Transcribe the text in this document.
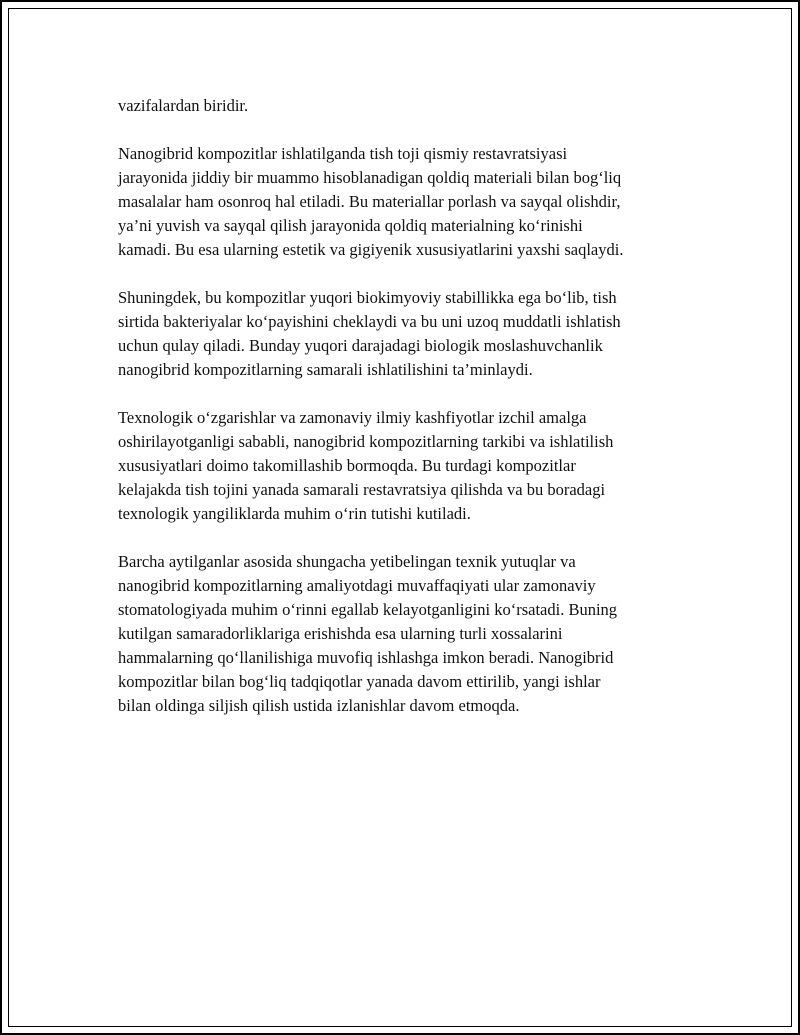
vazifalardan biridir.
Nanogibrid kompozitlar ishlatilganda tish toji qismiy restavratsiyasi
jarayonida jiddiy bir muammo hisoblanadigan qoldiq materiali bilan bog‘liq
masalalar ham osonroq hal etiladi. Bu materiallar porlash va sayqal olishdir,
ya’ni yuvish va sayqal qilish jarayonida qoldiq materialning ko‘rinishi
kamadi. Bu esa ularning estetik va gigiyenik xususiyatlarini yaxshi saqlaydi.
Shuningdek, bu kompozitlar yuqori biokimyoviy stabillikka ega bo‘lib, tish
sirtida bakteriyalar ko‘payishini cheklaydi va bu uni uzoq muddatli ishlatish
uchun qulay qiladi. Bunday yuqori darajadagi biologik moslashuvchanlik
nanogibrid kompozitlarning samarali ishlatilishini ta’minlaydi.
Texnologik o‘zgarishlar va zamonaviy ilmiy kashfiyotlar izchil amalga
oshirilayotganligi sababli, nanogibrid kompozitlarning tarkibi va ishlatilish
xususiyatlari doimo takomillashib bormoqda. Bu turdagi kompozitlar
kelajakda tish tojini yanada samarali restavratsiya qilishda va bu boradagi
texnologik yangiliklarda muhim o‘rin tutishi kutiladi.
Barcha aytilganlar asosida shungacha yetibelingan texnik yutuqlar va
nanogibrid kompozitlarning amaliyotdagi muvaffaqiyati ular zamonaviy
stomatologiyada muhim o‘rinni egallab kelayotganligini ko‘rsatadi. Buning
kutilgan samaradorliklariga erishishda esa ularning turli xossalarini
hammalarning qo‘llanilishiga muvofiq ishlashga imkon beradi. Nanogibrid
kompozitlar bilan bog‘liq tadqiqotlar yanada davom ettirilib, yangi ishlar
bilan oldinga siljish qilish ustida izlanishlar davom etmoqda.
